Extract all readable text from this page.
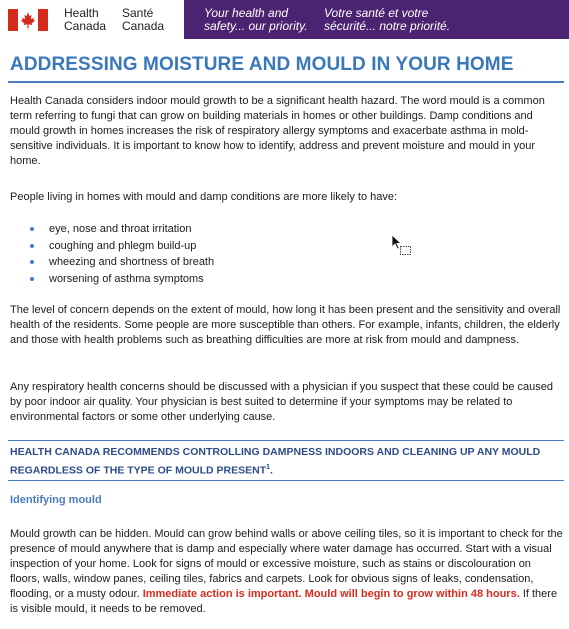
Health
Canada
Santé
Canada
Your health and
safety... our priority.
Votre santé et votre
sécurité... notre priorité.
ADDRESSING MOISTURE AND MOULD IN YOUR HOME

Health Canada considers indoor mould growth to be a significant health hazard. The word mould is a common term referring to fungi that can grow on building materials in homes or other buildings. Damp conditions and mould growth in homes increases the risk of respiratory allergy symptoms and exacerbate asthma in mold-sensitive individuals. It is important to know how to identify, address and prevent moisture and mould in your home.

People living in homes with mould and damp conditions are more likely to have:

eye, nose and throat irritation
coughing and phlegm build-up
wheezing and shortness of breath
worsening of asthma symptoms

The level of concern depends on the extent of mould, how long it has been present and the sensitivity and overall health of the residents. Some people are more susceptible than others. For example, infants, children, the elderly and those with health problems such as breathing difficulties are more at risk from mould and dampness.

Any respiratory health concerns should be discussed with a physician if you suspect that these could be caused by poor indoor air quality. Your physician is best suited to determine if your symptoms may be related to environmental factors or some other underlying cause.

HEALTH CANADA RECOMMENDS CONTROLLING DAMPNESS INDOORS AND CLEANING UP ANY MOULD REGARDLESS OF THE TYPE OF MOULD PRESENT$^1$.

Identifying mould

Mould growth can be hidden. Mould can grow behind walls or above ceiling tiles, so it is important to check for the presence of mould anywhere that is damp and especially where water damage has occurred. Start with a visual inspection of your home. Look for signs of mould or excessive moisture, such as stains or discolouration on floors, walls, window panes, ceiling tiles, fabrics and carpets. Look for obvious signs of leaks, condensation, flooding, or a musty odour. Immediate action is important. Mould will begin to grow within 48 hours. If there is visible mould, it needs to be removed.
